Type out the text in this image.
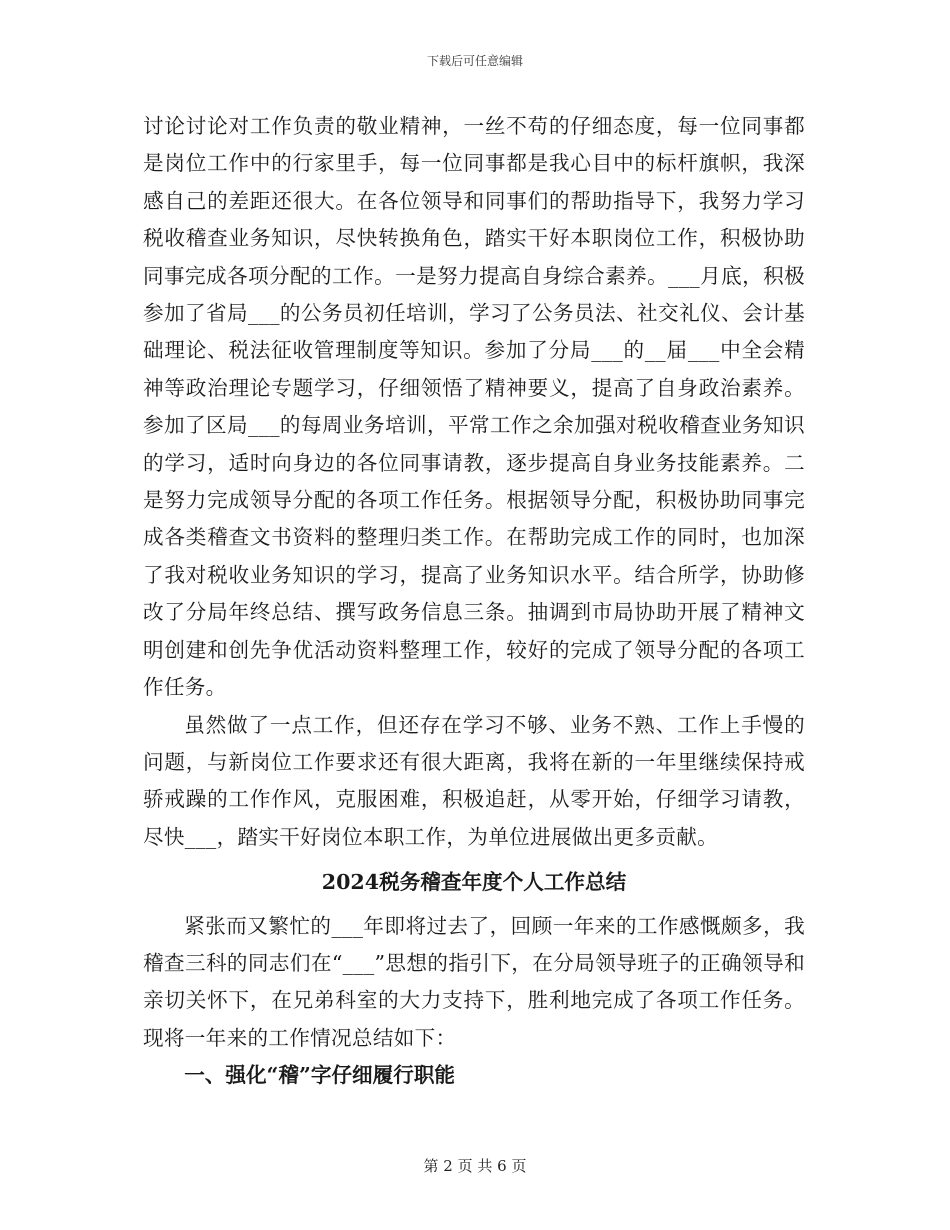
下载后可任意编辑

讨论讨论对工作负责的敬业精神，一丝不苟的仔细态度，每一位同事都是岗位工作中的行家里手，每一位同事都是我心目中的标杆旗帜，我深感自己的差距还很大。在各位领导和同事们的帮助指导下，我努力学习税收稽查业务知识，尽快转换角色，踏实干好本职岗位工作，积极协助同事完成各项分配的工作。一是努力提高自身综合素养。___月底，积极参加了省局___的公务员初任培训，学习了公务员法、社交礼仪、会计基础理论、税法征收管理制度等知识。参加了分局___的__届___中全会精神等政治理论专题学习，仔细领悟了精神要义，提高了自身政治素养。参加了区局___的每周业务培训，平常工作之余加强对税收稽查业务知识的学习，适时向身边的各位同事请教，逐步提高自身业务技能素养。二是努力完成领导分配的各项工作任务。根据领导分配，积极协助同事完成各类稽查文书资料的整理归类工作。在帮助完成工作的同时，也加深了我对税收业务知识的学习，提高了业务知识水平。结合所学，协助修改了分局年终总结、撰写政务信息三条。抽调到市局协助开展了精神文明创建和创先争优活动资料整理工作，较好的完成了领导分配的各项工作任务。

虽然做了一点工作，但还存在学习不够、业务不熟、工作上手慢的问题，与新岗位工作要求还有很大距离，我将在新的一年里继续保持戒骄戒躁的工作作风，克服困难，积极追赶，从零开始，仔细学习请教，尽快___，踏实干好岗位本职工作，为单位进展做出更多贡献。

2024税务稽查年度个人工作总结

紧张而又繁忙的___年即将过去了，回顾一年来的工作感慨颇多，我稽查三科的同志们在“___”思想的指引下，在分局领导班子的正确领导和亲切关怀下，在兄弟科室的大力支持下，胜利地完成了各项工作任务。现将一年来的工作情况总结如下：

一、强化“稽”字仔细履行职能
第 2 页 共 6 页
